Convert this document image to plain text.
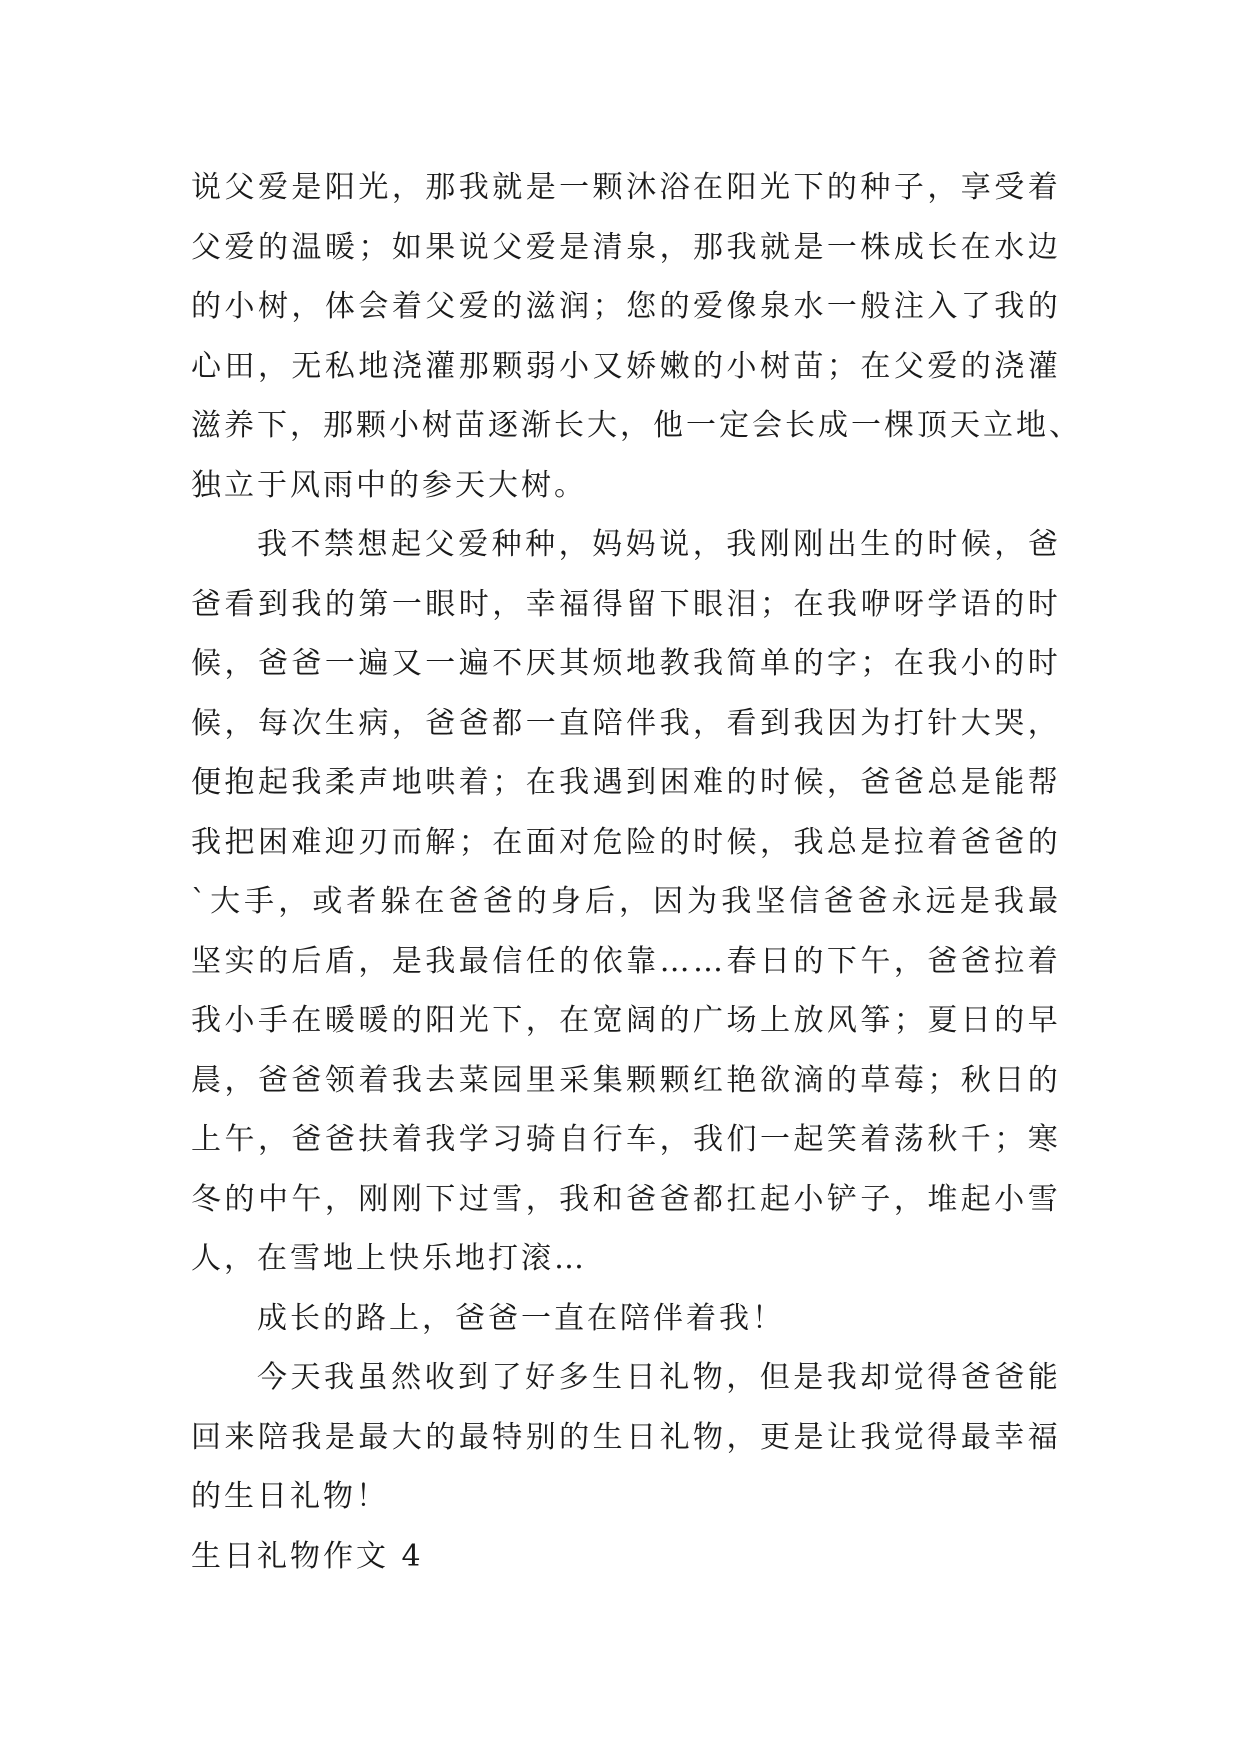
说 父 爱 是 阳 光 ， 那 我 就 是 一 颗 沐 浴 在 阳 光 下 的 种 子 ， 享 受 着
父 爱 的 温 暖 ； 如 果 说 父 爱 是 清 泉 ， 那 我 就 是 一 株 成 长 在 水 边
的 小 树 ， 体 会 着 父 爱 的 滋 润 ； 您 的 爱 像 泉 水 一 般 注 入 了 我 的
心 田 ， 无 私 地 浇 灌 那 颗 弱 小 又 娇 嫩 的 小 树 苗 ； 在 父 爱 的 浇 灌
滋 养 下 ， 那 颗 小 树 苗 逐 渐 长 大 ， 他 一 定 会 长 成 一 棵 顶 天 立 地 、
独立于风雨中的参天大树。
我 不 禁 想 起 父 爱 种 种 ， 妈 妈 说 ， 我 刚 刚 出 生 的 时 候 ， 爸
爸 看 到 我 的 第 一 眼 时 ， 幸 福 得 留 下 眼 泪 ； 在 我 咿 呀 学 语 的 时
候 ， 爸 爸 一 遍 又 一 遍 不 厌 其 烦 地 教 我 简 单 的 字 ； 在 我 小 的 时
候 ， 每 次 生 病 ， 爸 爸 都 一 直 陪 伴 我 ， 看 到 我 因 为 打 针 大 哭 ，
便 抱 起 我 柔 声 地 哄 着 ； 在 我 遇 到 困 难 的 时 候 ， 爸 爸 总 是 能 帮
我 把 困 难 迎 刃 而 解 ； 在 面 对 危 险 的 时 候 ， 我 总 是 拉 着 爸 爸 的
` 大 手 ， 或 者 躲 在 爸 爸 的 身 后 ， 因 为 我 坚 信 爸 爸 永 远 是 我 最
坚 实 的 后 盾 ， 是 我 最 信 任 的 依 靠 … … 春 日 的 下 午 ， 爸 爸 拉 着
我 小 手 在 暖 暖 的 阳 光 下 ， 在 宽 阔 的 广 场 上 放 风 筝 ； 夏 日 的 早
晨 ， 爸 爸 领 着 我 去 菜 园 里 采 集 颗 颗 红 艳 欲 滴 的 草 莓 ； 秋 日 的
上 午 ， 爸 爸 扶 着 我 学 习 骑 自 行 车 ， 我 们 一 起 笑 着 荡 秋 千 ； 寒
冬 的 中 午 ， 刚 刚 下 过 雪 ， 我 和 爸 爸 都 扛 起 小 铲 子 ， 堆 起 小 雪
人，在雪地上快乐地打滚…
成长的路上，爸爸一直在陪伴着我！
今 天 我 虽 然 收 到 了 好 多 生 日 礼 物 ， 但 是 我 却 觉 得 爸 爸 能
回 来 陪 我 是 最 大 的 最 特 别 的 生 日 礼 物 ， 更 是 让 我 觉 得 最 幸 福
的生日礼物！
生日礼物作文 4
